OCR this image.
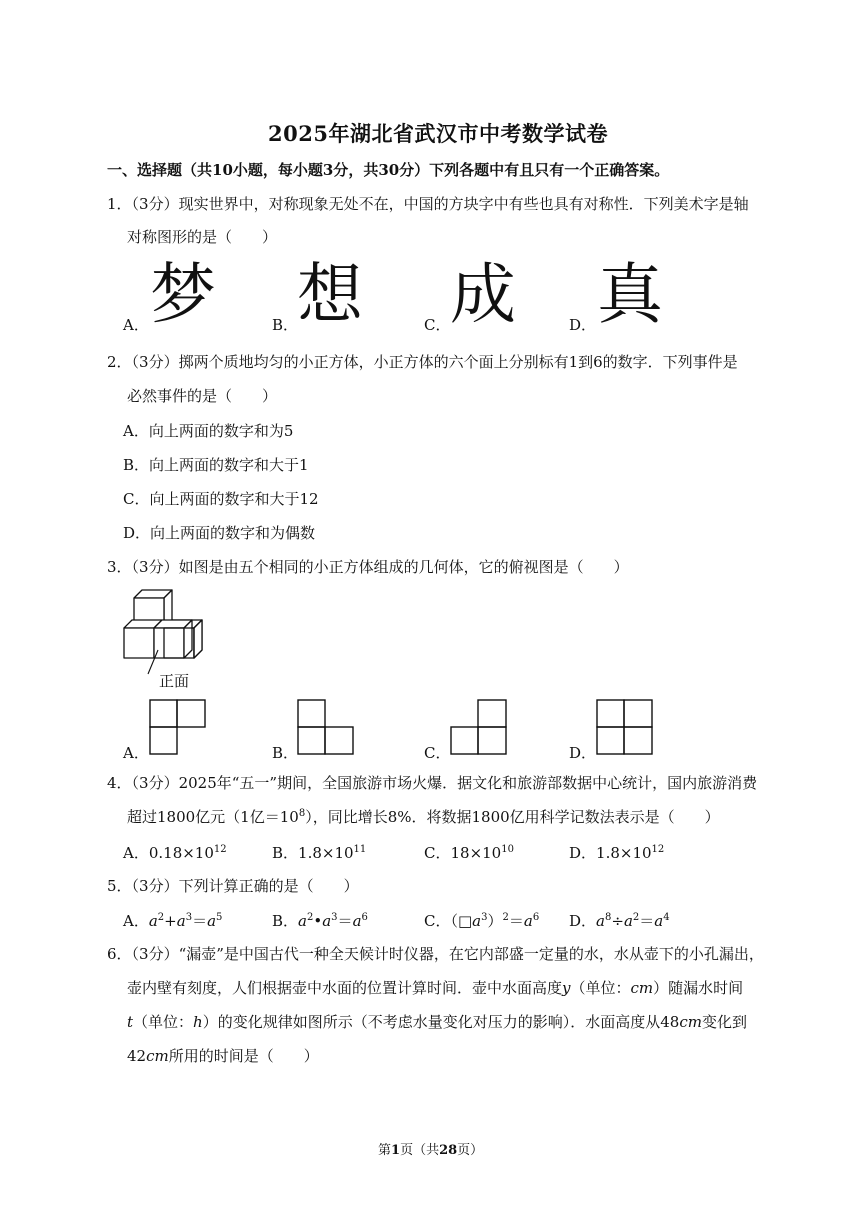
2025年湖北省武汉市中考数学试卷
一、选择题（共10小题，每小题3分，共30分）下列各题中有且只有一个正确答案。
1．（3分）现实世界中，对称现象无处不在，中国的方块字中有些也具有对称性．下列美术字是轴
对称图形的是（　　）
A． 梦	B．
想	C． 成	D． 真
2．（3分）掷两个质地均匀的小正方体，小正方体的六个面上分别标有1到6的数字．下列事件是
必然事件的是（　　）
A．向上两面的数字和为5
B．向上两面的数字和大于1
C．向上两面的数字和大于12
D．向上两面的数字和为偶数
3．（3分）如图是由五个相同的小正方体组成的几何体，它的俯视图是（　　）
正面
A．	B．	C．	D．
4．（3分）2025年“五一”期间，全国旅游市场火爆．据文化和旅游部数据中心统计，国内旅游消费
超过1800亿元（1亿$=10^8$），同比增长8%．将数据1800亿用科学记数法表示是（　　）
A．$0.18\times 10^{12}$	B．$1.8\times 10^{11}$	C．$18\times 10^{10}$	D．$1.8\times 10^{12}$
5．（3分）下列计算正确的是（　　）
A．$a^2+a^3=a^5$	B．$a^2•a^3=a^6$	C．$(□a^3)^2=a^6$ D．$a^8\div a^2=a^4$
6．（3分）“漏壶”是中国古代一种全天候计时仪器，在它内部盛一定量的水，水从壶下的小孔漏出，
壶内壁有刻度，人们根据壶中水面的位置计算时间．壶中水面高度y（单位：cm）随漏水时间
t（单位：h）的变化规律如图所示（不考虑水量变化对压力的影响）．水面高度从48cm变化到
42cm所用的时间是（　　）
第1页（共28页）
